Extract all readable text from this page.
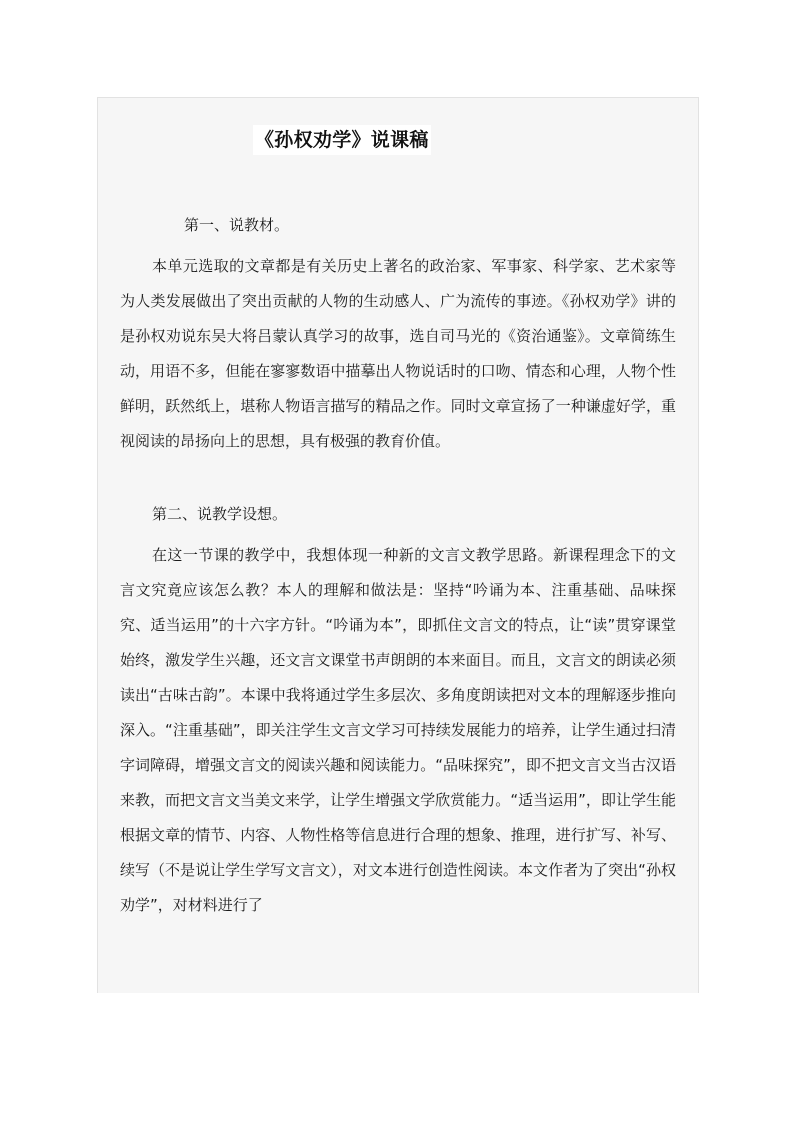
《孙权劝学》说课稿
第一、说教材。

本单元选取的文章都是有关历史上著名的政治家、军事家、科学家、艺术家等为人类发展做出了突出贡献的人物的生动感人、广为流传的事迹。《孙权劝学》讲的是孙权劝说东吴大将吕蒙认真学习的故事，选自司马光的《资治通鉴》。文章简练生动，用语不多，但能在寥寥数语中描摹出人物说话时的口吻、情态和心理，人物个性鲜明，跃然纸上，堪称人物语言描写的精品之作。同时文章宣扬了一种谦虚好学，重视阅读的昂扬向上的思想，具有极强的教育价值。

第二、说教学设想。

在这一节课的教学中，我想体现一种新的文言文教学思路。新课程理念下的文言文究竟应该怎么教？本人的理解和做法是：坚持“吟诵为本、注重基础、品味探究、适当运用”的十六字方针。“吟诵为本”，即抓住文言文的特点，让“读”贯穿课堂始终，激发学生兴趣，还文言文课堂书声朗朗的本来面目。而且，文言文的朗读必须读出“古味古韵”。本课中我将通过学生多层次、多角度朗读把对文本的理解逐步推向深入。“注重基础”，即关注学生文言文学习可持续发展能力的培养，让学生通过扫清字词障碍，增强文言文的阅读兴趣和阅读能力。“品味探究”，即不把文言文当古汉语来教，而把文言文当美文来学，让学生增强文学欣赏能力。“适当运用”，即让学生能根据文章的情节、内容、人物性格等信息进行合理的想象、推理，进行扩写、补写、续写（不是说让学生学写文言文），对文本进行创造性阅读。本文作者为了突出“孙权劝学”，对材料进行了
